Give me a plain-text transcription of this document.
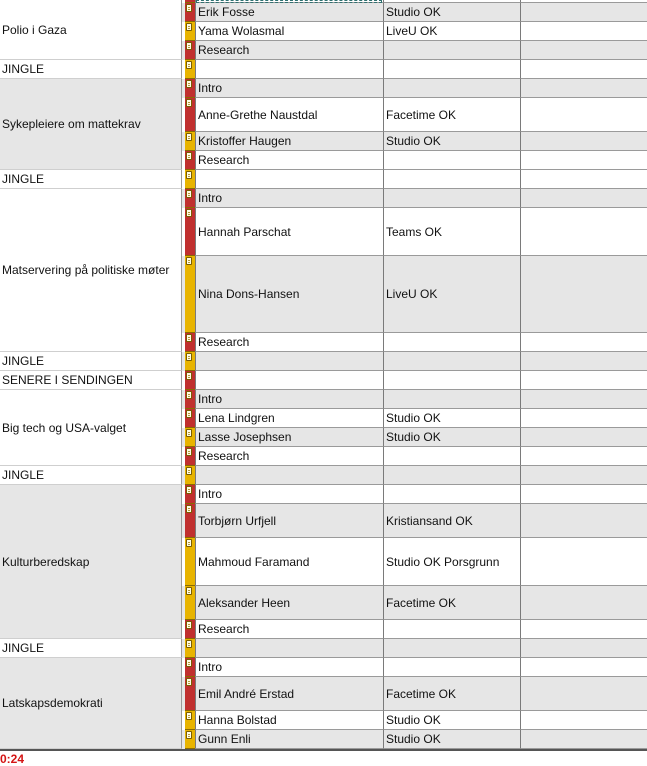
Polio i Gaza
Erik Fosse	Studio OK
Yama Wolasmal	LiveU OK
Research
JINGLE
Sykepleiere om mattekrav
Intro
Anne-Grethe Naustdal	Facetime OK
Kristoffer Haugen	Studio OK
Research
JINGLE
Matservering på politiske møter
Intro
Hannah Parschat	Teams OK
Nina Dons-Hansen	LiveU OK
Research
JINGLE
SENERE I SENDINGEN
Big tech og USA-valget
Intro
Lena Lindgren	Studio OK
Lasse Josephsen	Studio OK
Research
JINGLE
Kulturberedskap
Intro
Torbjørn Urfjell	Kristiansand OK
Mahmoud Faramand	Studio OK Porsgrunn
Aleksander Heen	Facetime OK
Research
JINGLE
Latskapsdemokrati
Intro
Emil André Erstad	Facetime OK
Hanna Bolstad	Studio OK
Gunn Enli	Studio OK
0:24
